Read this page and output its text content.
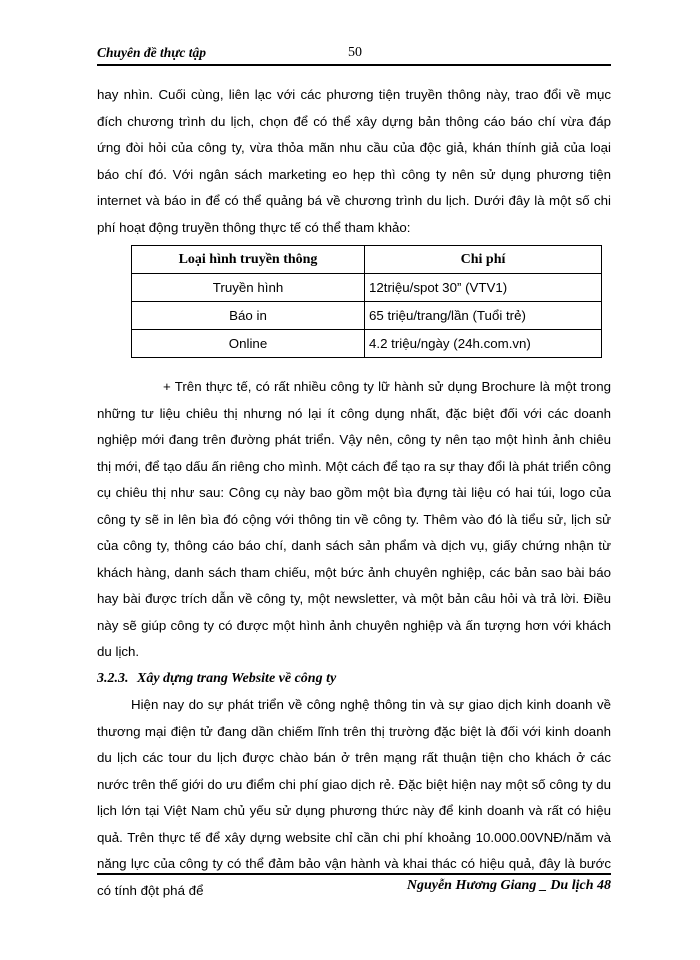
Chuyên đề thực tập	50

hay nhìn. Cuối cùng, liên lạc với các phương tiện truyền thông này, trao đổi về mục đích chương trình du lịch, chọn để có thể xây dựng bản thông cáo báo chí vừa đáp ứng đòi hỏi của công ty, vừa thỏa mãn nhu cầu của độc giả, khán thính giả của loại báo chí đó. Với ngân sách marketing eo hẹp thì công ty nên sử dụng phương tiện internet và báo in để có thể quảng bá về chương trình du lịch. Dưới đây là một số chi phí hoạt động truyền thông thực tế có thể tham khảo:

Loại hình truyền thông	Chi phí
Truyền hình	12triệu/spot 30” (VTV1)
Báo in	65 triệu/trang/lần (Tuổi trẻ)
Online	4.2 triệu/ngày (24h.com.vn)

+ Trên thực tế, có rất nhiều công ty lữ hành sử dụng Brochure là một trong những tư liệu chiêu thị nhưng nó lại ít công dụng nhất, đặc biệt đối với các doanh nghiệp mới đang trên đường phát triển. Vậy nên, công ty nên tạo một hình ảnh chiêu thị mới, để tạo dấu ấn riêng cho mình. Một cách để tạo ra sự thay đổi là phát triển công cụ chiêu thị như sau: Công cụ này bao gồm một bìa đựng tài liệu có hai túi, logo của công ty sẽ in lên bìa đó cộng với thông tin về công ty. Thêm vào đó là tiểu sử, lịch sử của công ty, thông cáo báo chí, danh sách sản phẩm và dịch vụ, giấy chứng nhận từ khách hàng, danh sách tham chiếu, một bức ảnh chuyên nghiệp, các bản sao bài báo hay bài được trích dẫn về công ty, một newsletter, và một bản câu hỏi và trả lời. Điều này sẽ giúp công ty có được một hình ảnh chuyên nghiệp và ấn tượng hơn với khách du lịch.

3.2.3. Xây dựng trang Website về công ty

Hiện nay do sự phát triển về công nghệ thông tin và sự giao dịch kinh doanh về thương mại điện tử đang dần chiếm lĩnh trên thị trường đặc biệt là đối với kinh doanh du lịch các tour du lịch được chào bán ở trên mạng rất thuận tiện cho khách ở các nước trên thế giới do ưu điểm chi phí giao dịch rẻ. Đặc biệt hiện nay một số công ty du lịch lớn tại Việt Nam chủ yếu sử dụng phương thức này để kinh doanh và rất có hiệu quả. Trên thực tế để xây dựng website chỉ cần chi phí khoảng 10.000.00VNĐ/năm và năng lực của công ty có thể đảm bảo vận hành và khai thác có hiệu quả, đây là bước có tính đột phá để	Nguyễn Hương Giang _ Du lịch 48
